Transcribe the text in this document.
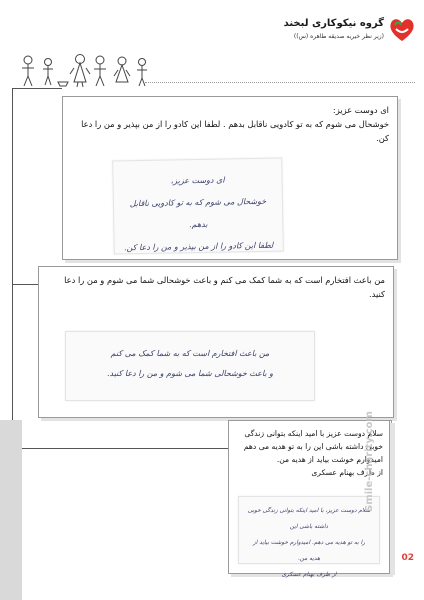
گروه نیکوکاری لبخند
(زیر نظر خیریه صدیقه طاهره (س))
ای دوست عزیز:
خوشحال می شوم که به تو کادویی ناقابل بدهم . لطفا این کادو را از من بپذیر و من را دعا کن.
ای دوست عزیز،
خوشحال می شوم که به تو کادویی ناقابل بدهم.
لطفا این کادو را از من بپذیر و من را دعا کن.
من باعث افتخارم است که به شما کمک می کنم و باعث خوشحالی شما می شوم و من را دعا کنید.
من باعث افتخارم است که به شما کمک می کنم
و باعث خوشحالی شما می شوم و من را دعا کنید.
سلام دوست عزیز با امید اینکه بتوانی زندگی خوبی داشته باشی این را به تو هدیه می دهم امیدوارم خوشت بیاید از هدیه من.
از طرف بهنام عسکری
سلام دوست عزیز، با امید اینکه بتوانی زندگی خوبی داشته باشی این
را به تو هدیه می دهم. امیدوارم خوشت بیاید از هدیه من.
از طرف بهنام عسکری
Smile-charity.com
02
